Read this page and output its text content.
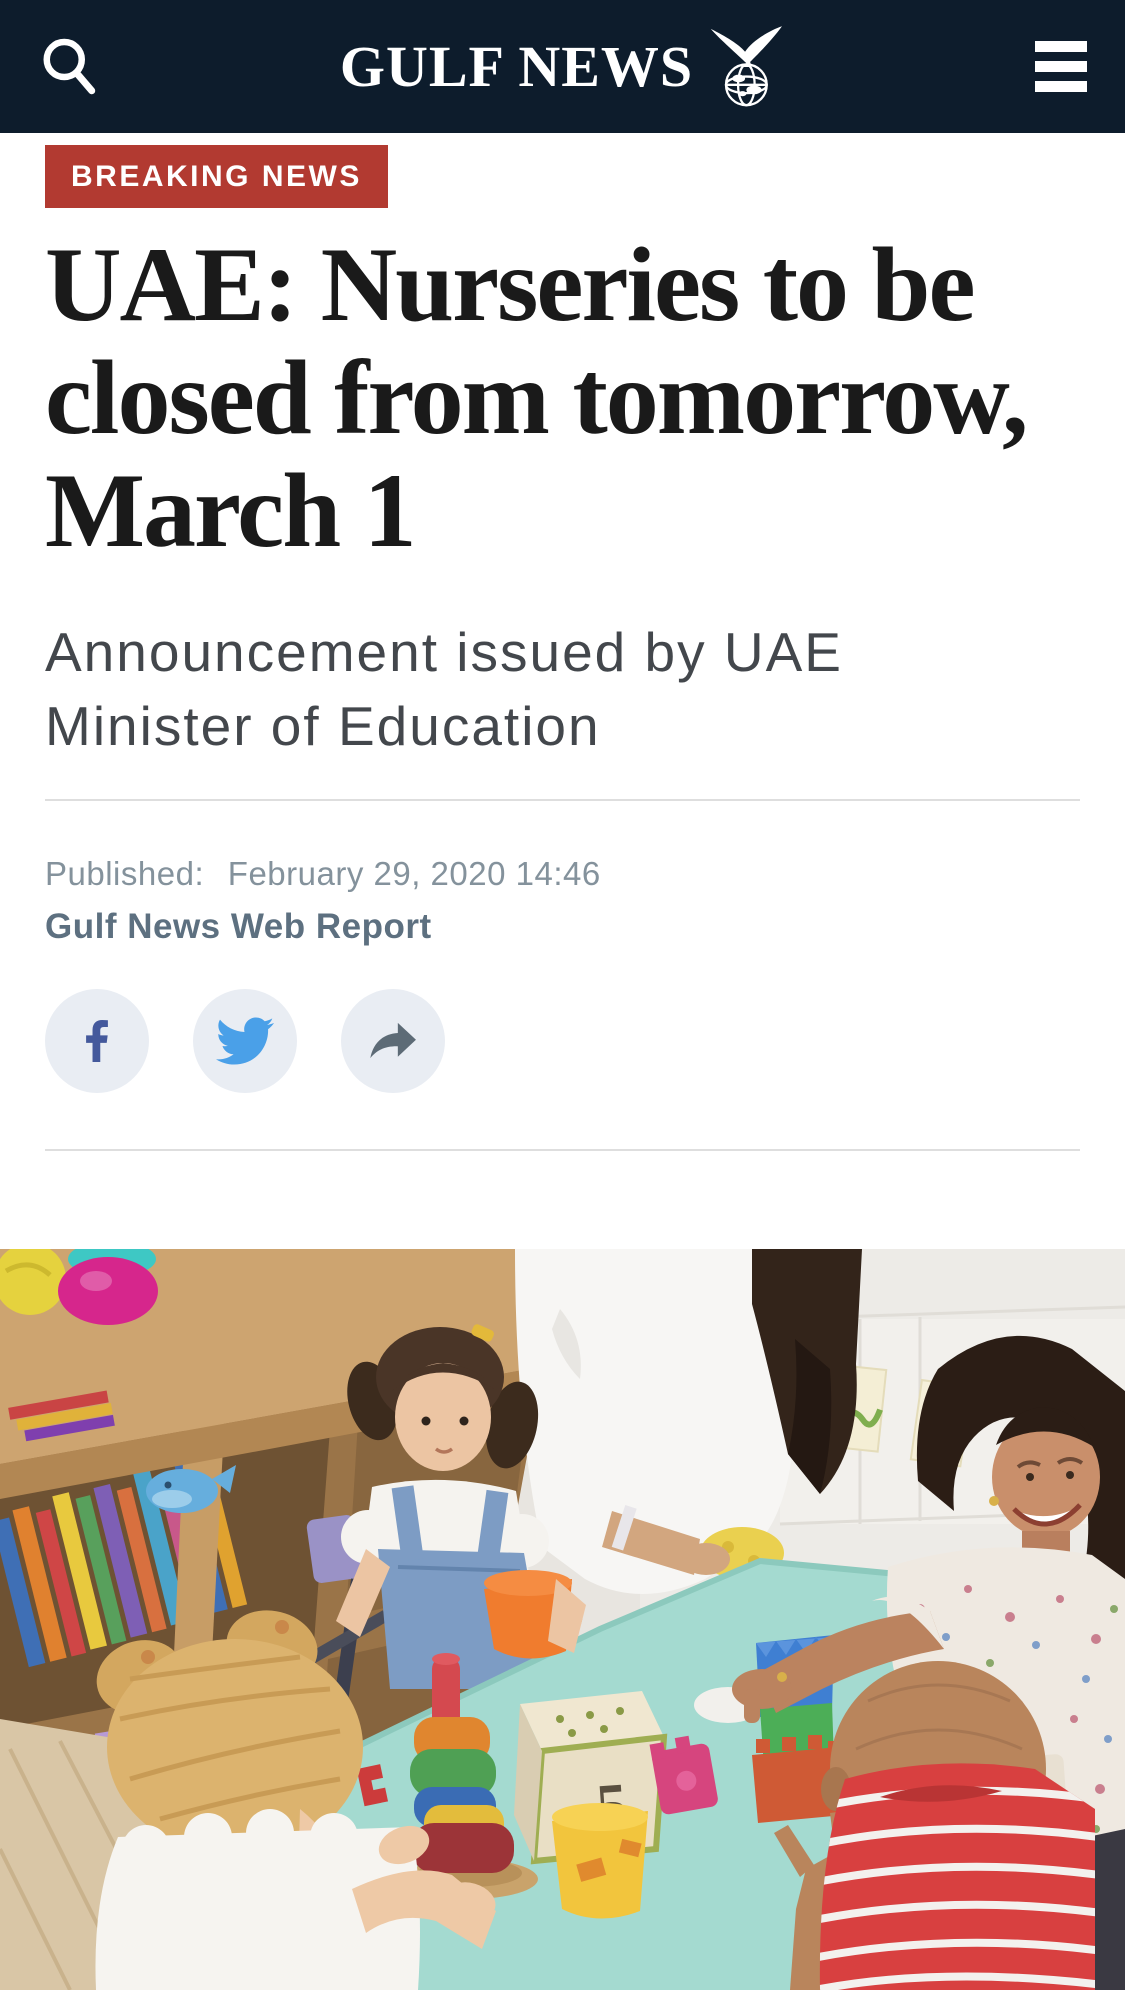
GULF NEWS
BREAKING NEWS
UAE: Nurseries to be
closed from tomorrow,
March 1
Announcement issued by UAE
Minister of Education

Published: February 29, 2020 14:46

Gulf News Web Report
